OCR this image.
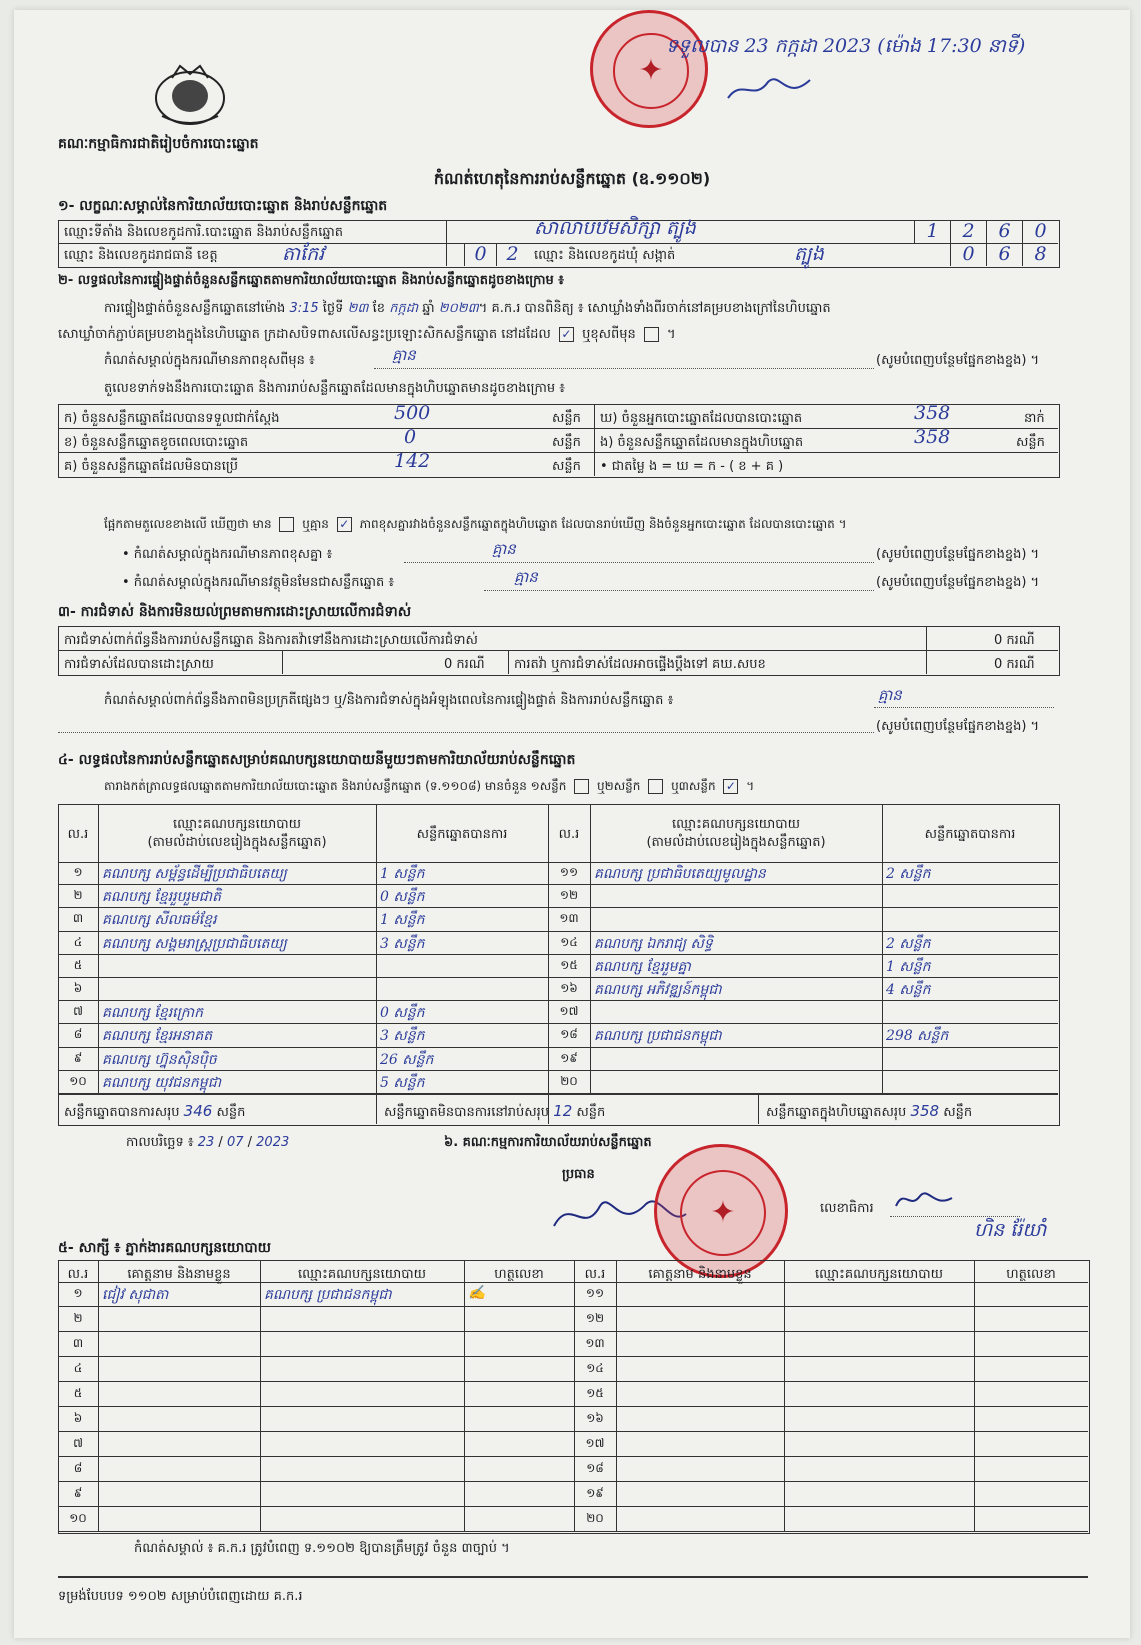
គណៈកម្មាធិការជាតិរៀបចំការបោះឆ្នោត
កំណត់ហេតុនៃការរាប់សន្លឹកឆ្នោត (ឧ.១១០២)
✦
ទទួលបាន 23 កក្កដា 2023 (ម៉ោង 17:30 នាទី)
១- លក្ខណៈសម្គាល់នៃការិយាល័យបោះឆ្នោត និងរាប់សន្លឹកឆ្នោត
ឈ្មោះទីតាំង និងលេខកូដការិ.បោះឆ្នោត និងរាប់សន្លឹកឆ្នោត	សាលាបឋមសិក្សា ត្បូង	1	2	6	0
ឈ្មោះ និងលេខកូដរាជធានី ខេត្ត	តាកែវ	0	2	ឈ្មោះ និងលេខកូដឃុំ សង្កាត់	ត្បូង	0	6	8
២- លទ្ធផលនៃការផ្ទៀងផ្ទាត់ចំនួនសន្លឹកឆ្នោតតាមការិយាល័យបោះឆ្នោត និងរាប់សន្លឹកឆ្នោតដូចខាងក្រោម ៖
ការផ្ទៀងផ្ទាត់ចំនួនសន្លឹកឆ្នោតនៅម៉ោង 3:15 ថ្ងៃទី ២៣ ខែ កក្កដា ឆ្នាំ ២០២៣។ គ.ក.រ បានពិនិត្យ ៖ សោឃ្លាំងទាំងពីរចាក់នៅគម្របខាងក្រៅនៃហិបឆ្នោត
សោឃ្លាំចាក់ភ្ជាប់គម្របខាងក្នុងនៃហិបឆ្នោត ក្រដាសបិទពាសលើសន្ធះប្រឡោះសិកសន្លឹកឆ្នោត នៅដដែល ✓ ឬខុសពីមុន  ។
កំណត់សម្គាល់ក្នុងករណីមានភាពខុសពីមុន ៖	គ្មាន	(សូមបំពេញបន្ថែមផ្នែកខាងខ្នង) ។
តួលេខទាក់ទងនឹងការបោះឆ្នោត និងការរាប់សន្លឹកឆ្នោតដែលមានក្នុងហិបឆ្នោតមានដូចខាងក្រោម ៖
ក) ចំនួនសន្លឹកឆ្នោតដែលបានទទួលជាក់ស្តែង	500	សន្លឹក
ខ) ចំនួនសន្លឹកឆ្នោតខូចពេលបោះឆ្នោត	0	សន្លឹក
គ) ចំនួនសន្លឹកឆ្នោតដែលមិនបានប្រើ	142	សន្លឹក
ឃ) ចំនួនអ្នកបោះឆ្នោតដែលបានបោះឆ្នោត	358	នាក់
ង) ចំនួនសន្លឹកឆ្នោតដែលមានក្នុងហិបឆ្នោត	358	សន្លឹក
• ជាតម្លៃ ង = ឃ = ក - ( ខ + គ )
ផ្អែកតាមតួលេខខាងលើ ឃើញថា មាន	ឬគ្មាន ✓ ភាពខុសគ្នារវាងចំនួនសន្លឹកឆ្នោតក្នុងហិបឆ្នោត ដែលបានរាប់ឃើញ និងចំនួនអ្នកបោះឆ្នោត ដែលបានបោះឆ្នោត ។
• កំណត់សម្គាល់ក្នុងករណីមានភាពខុសគ្នា ៖	គ្មាន	(សូមបំពេញបន្ថែមផ្នែកខាងខ្នង) ។
• កំណត់សម្គាល់ក្នុងករណីមានវត្ថុមិនមែនជាសន្លឹកឆ្នោត ៖	គ្មាន	(សូមបំពេញបន្ថែមផ្នែកខាងខ្នង) ។
៣- ការជំទាស់ និងការមិនយល់ព្រមតាមការដោះស្រាយលើការជំទាស់
ការជំទាស់ពាក់ព័ន្ធនឹងការរាប់សន្លឹកឆ្នោត និងការតវ៉ាទៅនឹងការដោះស្រាយលើការជំទាស់	0 ករណី
ការជំទាស់ដែលបានដោះស្រាយ	0 ករណី ការតវ៉ា ឬការជំទាស់ដែលអាចផ្ទើងប្តឹងទៅ គឃ.សបខ	0 ករណី
កំណត់សម្គាល់ពាក់ព័ន្ធនឹងភាពមិនប្រក្រតីផ្សេងៗ ឬ/និងការជំទាស់ក្នុងអំឡុងពេលនៃការផ្ទៀងផ្ទាត់ និងការរាប់សន្លឹកឆ្នោត ៖	គ្មាន
(សូមបំពេញបន្ថែមផ្នែកខាងខ្នង) ។
៤- លទ្ធផលនៃការរាប់សន្លឹកឆ្នោតសម្រាប់គណបក្សនយោបាយនីមួយៗតាមការិយាល័យរាប់សន្លឹកឆ្នោត
តារាងកត់ត្រាលទ្ធផលឆ្នោតតាមការិយាល័យបោះឆ្នោត និងរាប់សន្លឹកឆ្នោត (ទ.១១០៨) មានចំនួន ១សន្លឹក	ឬ២សន្លឹក	ឬ៣សន្លឹក ✓ ។
ល.រ
ឈ្មោះគណបក្សនយោបាយ
(តាមលំដាប់លេខរៀងក្នុងសន្លឹកឆ្នោត)
សន្លឹកឆ្នោតបានការ	ល.រ
ឈ្មោះគណបក្សនយោបាយ
(តាមលំដាប់លេខរៀងក្នុងសន្លឹកឆ្នោត)
សន្លឹកឆ្នោតបានការ
១	គណបក្ស សម្ព័ន្ធដើម្បីប្រជាធិបតេយ្យ	1 សន្លឹក
២	គណបក្ស ខ្មែររួបរួមជាតិ	0 សន្លឹក
៣	គណបក្ស សីលធម៌ខ្មែរ	1 សន្លឹក
៤	គណបក្ស សង្គមរាស្ត្រប្រជាធិបតេយ្យ	3 សន្លឹក
៥
៦
៧	គណបក្ស ខ្មែរក្រោក	0 សន្លឹក
៨	គណបក្ស ខ្មែរអនាគត	3 សន្លឹក
៩	គណបក្ស ហ្វ៊ុនស៊ិនប៉ិច	26 សន្លឹក
១០	គណបក្ស យុវជនកម្ពុជា	5 សន្លឹក
១១	គណបក្ស ប្រជាធិបតេយ្យមូលដ្ឋាន	2 សន្លឹក
១២
១៣
១៤	គណបក្ស ឯករាជ្យ សិទ្ធិ	2 សន្លឹក
១៥	គណបក្ស ខ្មែររួមគ្នា	1 សន្លឹក
១៦	គណបក្ស អភិវឌ្ឍន៍កម្ពុជា	4 សន្លឹក
១៧
១៨	គណបក្ស ប្រជាជនកម្ពុជា	298 សន្លឹក
១៩
២០
សន្លឹកឆ្នោតបានការសរុប 346 សន្លឹក	សន្លឹកឆ្នោតមិនបានការនៅរាប់សរុប 12 សន្លឹក	សន្លឹកឆ្នោតក្នុងហិបឆ្នោតសរុប 358 សន្លឹក
កាលបរិច្ឆេទ ៖ 23 / 07 / 2023	៦. គណៈកម្មការការិយាល័យរាប់សន្លឹកឆ្នោត
ប្រធាន
✦	លេខាធិការ
ហិន រ៉ែយាំ
៥- សាក្សី ៖ ភ្នាក់ងារគណបក្សនយោបាយ
ល.រ	គោត្តនាម និងនាមខ្លួន	ឈ្មោះគណបក្សនយោបាយ	ហត្ថលេខា	ល.រ	គោត្តនាម និងនាមខ្លួន	ឈ្មោះគណបក្សនយោបាយ	ហត្ថលេខា
១	ជៀវ សុជាតា	គណបក្ស ប្រជាជនកម្ពុជា	✍
២
៣
៤
៥
៦
៧
៨
៩
១០
១១
១២
១៣
១៤
១៥
១៦
១៧
១៨
១៩
២០
កំណត់សម្គាល់ ៖ គ.ក.រ ត្រូវបំពេញ ទ.១១០២ ឱ្យបានត្រឹមត្រូវ ចំនួន ៣ច្បាប់ ។
ទម្រង់បែបបទ ១១០២ សម្រាប់បំពេញដោយ គ.ក.រ
